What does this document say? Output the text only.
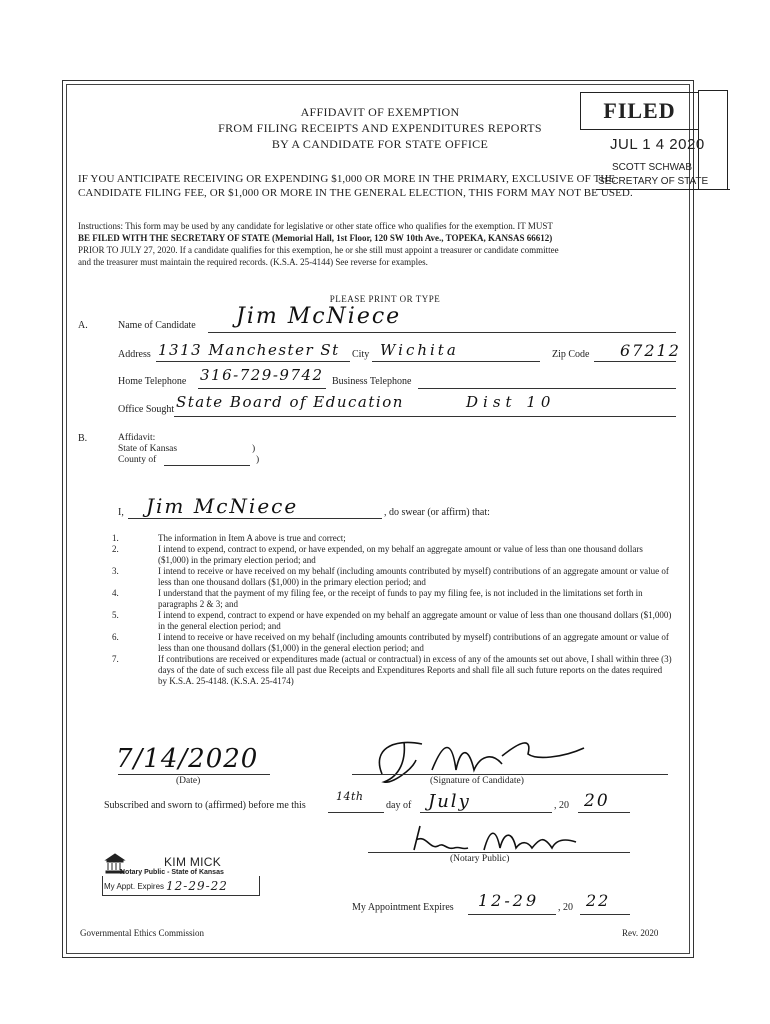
AFFIDAVIT OF EXEMPTION
FROM FILING RECEIPTS AND EXPENDITURES REPORTS
BY A CANDIDATE FOR STATE OFFICE
FILED
JUL 1 4 2020
SCOTT SCHWAB
SECRETARY OF STATE
IF YOU ANTICIPATE RECEIVING OR EXPENDING $1,000 OR MORE IN THE PRIMARY, EXCLUSIVE OF THE
CANDIDATE FILING FEE, OR $1,000 OR MORE IN THE GENERAL ELECTION, THIS FORM MAY NOT BE USED.
Instructions: This form may be used by any candidate for legislative or other state office who qualifies for the exemption. IT MUST
BE FILED WITH THE SECRETARY OF STATE (Memorial Hall, 1st Floor, 120 SW 10th Ave., TOPEKA, KANSAS 66612)
PRIOR TO JULY 27, 2020. If a candidate qualifies for this exemption, he or she still must appoint a treasurer or candidate committee
and the treasurer must maintain the required records. (K.S.A. 25-4144) See reverse for examples.
PLEASE PRINT OR TYPE
A.	Name of Candidate Jim McNiece
Address 1313 Manchester St City Wichita	Zip Code 67212
Home Telephone 316-729-9742 Business Telephone
Office Sought State Board of Education	Dist 10
B.	Affidavit:
State of Kansas
County of
)
)
I, Jim McNiece	, do swear (or affirm) that:
1.	The information in Item A above is true and correct;
2.	I intend to expend, contract to expend, or have expended, on my behalf an aggregate amount or value of less than one thousand dollars ($1,000) in the primary election period; and
3.	I intend to receive or have received on my behalf (including amounts contributed by myself) contributions of an aggregate amount or value of less than one thousand dollars ($1,000) in the primary election period; and
4.	I understand that the payment of my filing fee, or the receipt of funds to pay my filing fee, is not included in the limitations set forth in paragraphs 2 & 3; and
5.	I intend to expend, contract to expend or have expended on my behalf an aggregate amount or value of less than one thousand dollars ($1,000) in the general election period; and
6.	I intend to receive or have received on my behalf (including amounts contributed by myself) contributions of an aggregate amount or value of less than one thousand dollars ($1,000) in the general election period; and
7.	If contributions are received or expenditures made (actual or contractual) in excess of any of the amounts set out above, I shall within three (3) days of the date of such excess file all past due Receipts and Expenditures Reports and shall file all such future reports on the dates required by K.S.A. 25-4148. (K.S.A. 25-4174)
7/14/2020
(Date)	(Signature of Candidate)
Subscribed and sworn to (affirmed) before me this
14th
day of July	, 20 20
(Notary Public)
KIM MICK
Notary Public - State of Kansas
My Appt. Expires 12-29-22
My Appointment Expires 12-29 , 20 22
Governmental Ethics Commission	Rev. 2020
